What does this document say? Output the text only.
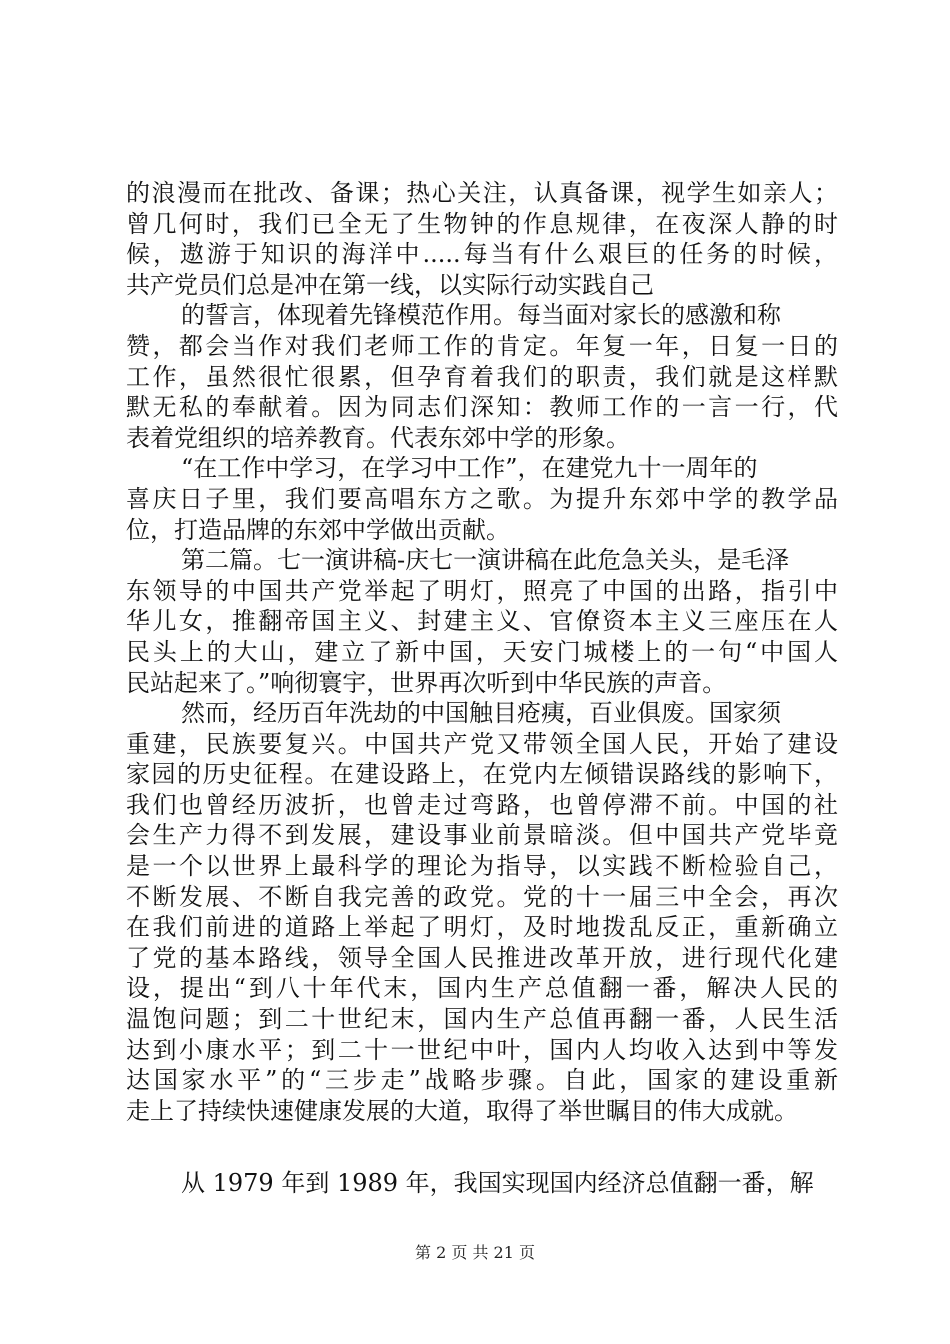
的浪漫而在批改、备课；热心关注，认真备课，视学生如亲人；
曾几何时，我们已全无了生物钟的作息规律，在夜深人静的时
候，遨游于知识的海洋中.....每当有什么艰巨的任务的时候，
共产党员们总是冲在第一线，以实际行动实践自己
的誓言，体现着先锋模范作用。每当面对家长的感激和称
赞，都会当作对我们老师工作的肯定。年复一年，日复一日的
工作，虽然很忙很累，但孕育着我们的职责，我们就是这样默
默无私的奉献着。因为同志们深知：教师工作的一言一行，代
表着党组织的培养教育。代表东郊中学的形象。
“在工作中学习，在学习中工作”，在建党九十一周年的
喜庆日子里，我们要高唱东方之歌。为提升东郊中学的教学品
位，打造品牌的东郊中学做出贡献。
第二篇。七一演讲稿-庆七一演讲稿在此危急关头，是毛泽
东领导的中国共产党举起了明灯，照亮了中国的出路，指引中
华儿女，推翻帝国主义、封建主义、官僚资本主义三座压在人
民头上的大山，建立了新中国，天安门城楼上的一句“中国人
民站起来了。”响彻寰宇，世界再次听到中华民族的声音。
然而，经历百年洗劫的中国触目疮痍，百业俱废。国家须
重建，民族要复兴。中国共产党又带领全国人民，开始了建设
家园的历史征程。在建设路上，在党内左倾错误路线的影响下，
我们也曾经历波折，也曾走过弯路，也曾停滞不前。中国的社
会生产力得不到发展，建设事业前景暗淡。但中国共产党毕竟
是一个以世界上最科学的理论为指导，以实践不断检验自己，
不断发展、不断自我完善的政党。党的十一届三中全会，再次
在我们前进的道路上举起了明灯，及时地拨乱反正，重新确立
了党的基本路线，领导全国人民推进改革开放，进行现代化建
设，提出“到八十年代末，国内生产总值翻一番，解决人民的
温饱问题；到二十世纪末，国内生产总值再翻一番，人民生活
达到小康水平；到二十一世纪中叶，国内人均收入达到中等发
达国家水平”的“三步走”战略步骤。自此，国家的建设重新
走上了持续快速健康发展的大道，取得了举世瞩目的伟大成就。
从 1979 年到 1989 年，我国实现国内经济总值翻一番，解
第 2 页 共 21 页
